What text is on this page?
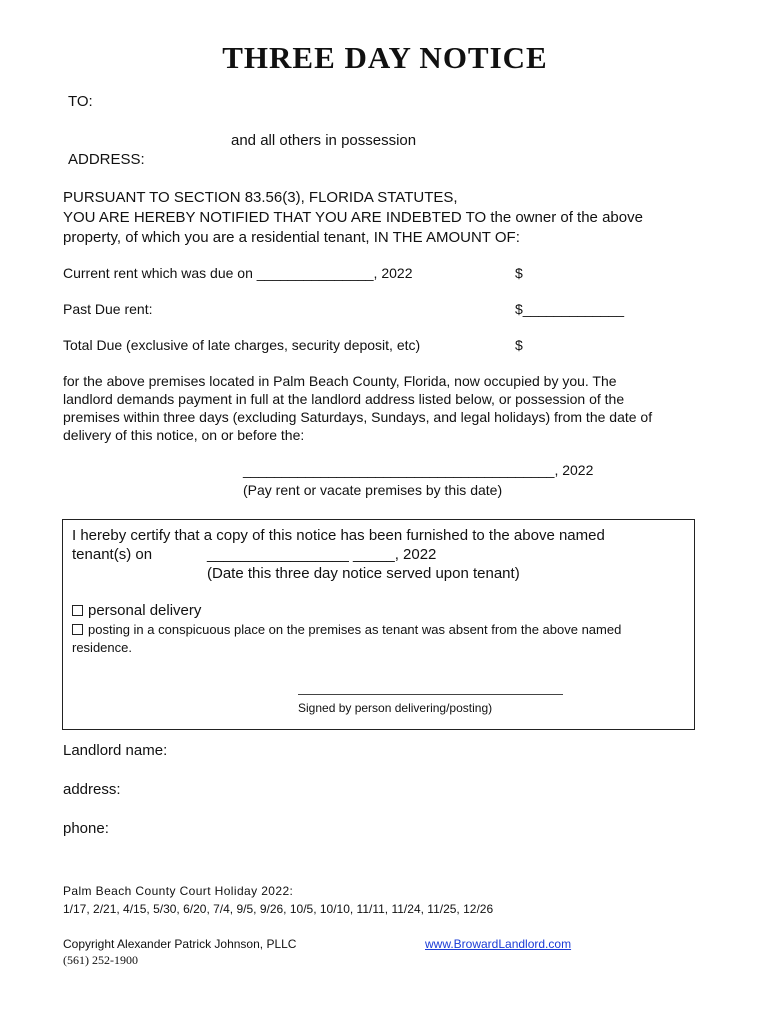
THREE DAY NOTICE
TO:
and all others in possession
ADDRESS:
PURSUANT TO SECTION 83.56(3), FLORIDA STATUTES,
YOU ARE HEREBY NOTIFIED THAT YOU ARE INDEBTED TO the owner of the above
property, of which you are a residential tenant, IN THE AMOUNT OF:
Current rent which was due on _______________, 2022	$
Past Due rent:	$_____________
Total Due (exclusive of late charges, security deposit, etc)	$
for the above premises located in Palm Beach County, Florida, now occupied by you. The
landlord demands payment in full at the landlord address listed below, or possession of the
premises within three days (excluding Saturdays, Sundays, and legal holidays) from the date of
delivery of this notice, on or before the:
________________________________________, 2022
(Pay rent or vacate premises by this date)
I hereby certify that a copy of this notice has been furnished to the above named
tenant(s) on	_________________ _____, 2022
(Date this three day notice served upon tenant)
personal delivery
posting in a conspicuous place on the premises as tenant was absent from the above named
residence.
Signed by person delivering/posting)
Landlord name:
address:
phone:
Palm Beach County Court Holiday 2022:
1/17, 2/21, 4/15, 5/30, 6/20, 7/4, 9/5, 9/26, 10/5, 10/10, 11/11, 11/24, 11/25, 12/26
Copyright Alexander Patrick Johnson, PLLC
(561) 252-1900
www.BrowardLandlord.com
